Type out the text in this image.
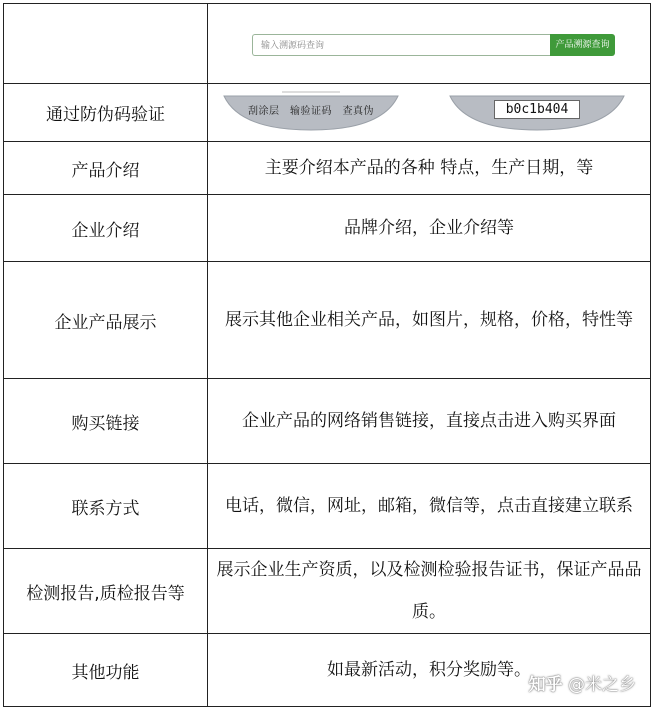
	输入溯源码查询 产品溯源查询

通过防伪码验证	刮涂层　输验证码　查真伪 b0c1b404

产品介绍	主要介绍本产品的各种 特点，生产日期，等
企业介绍	品牌介绍，企业介绍等
企业产品展示	展示其他企业相关产品，如图片，规格，价格，特性等
购买链接	企业产品的网络销售链接，直接点击进入购买界面
联系方式	电话，微信，网址，邮箱，微信等，点击直接建立联系
检测报告,质检报告等	展示企业生产资质，以及检测检验报告证书，保证产品品质。
其他功能	如最新活动，积分奖励等。
知乎 @米之乡
